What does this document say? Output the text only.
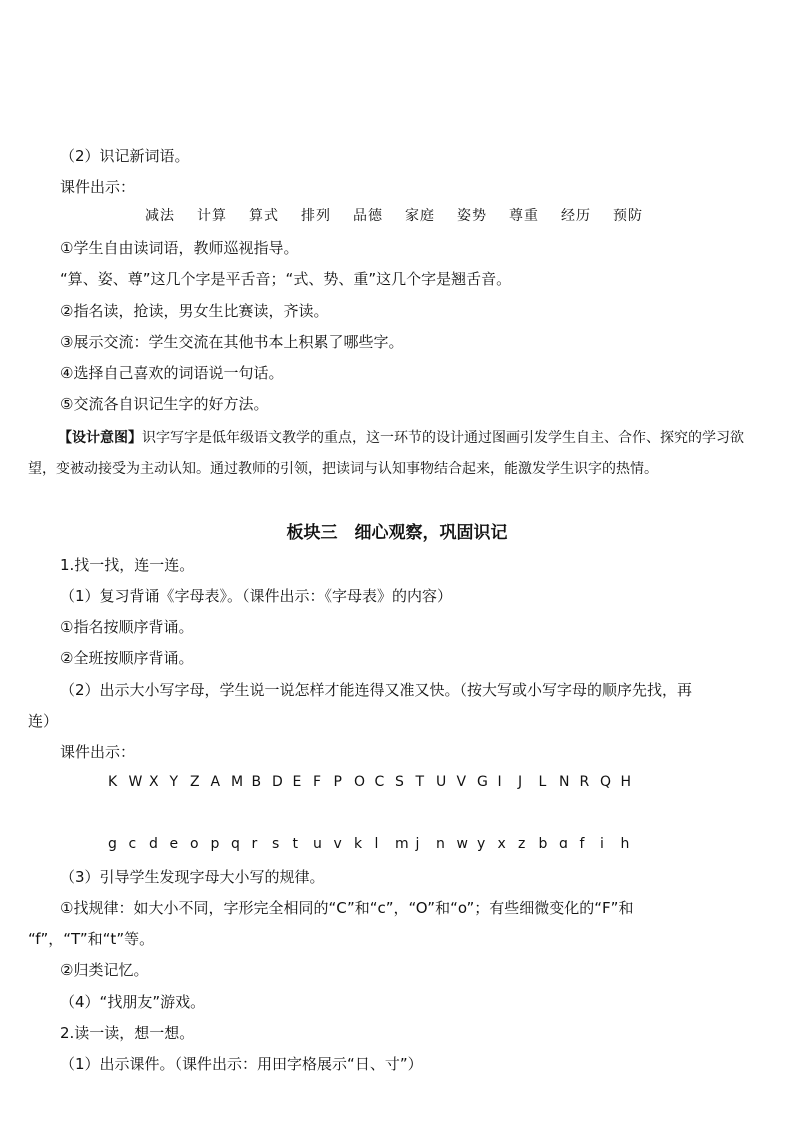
（2）识记新词语。
课件出示：
减法 计算 算式 排列 品德 家庭 姿势 尊重 经历 预防
①学生自由读词语，教师巡视指导。
“算、姿、尊”这几个字是平舌音；“式、势、重”这几个字是翘舌音。
②指名读，抢读，男女生比赛读，齐读。
③展示交流：学生交流在其他书本上积累了哪些字。
④选择自己喜欢的词语说一句话。
⑤交流各自识记生字的好方法。
【设计意图】识字写字是低年级语文教学的重点，这一环节的设计通过图画引发学生自主、合作、探究的学习欲望，变被动接受为主动认知。通过教师的引领，把读词与认知事物结合起来，能激发学生识字的热情。
板块三　细心观察，巩固识记
1.找一找，连一连。
（1）复习背诵《字母表》。（课件出示：《字母表》的内容）
①指名按顺序背诵。
②全班按顺序背诵。
（2）出示大小写字母，学生说一说怎样才能连得又准又快。（按大写或小写字母的顺序先找，再
连）
课件出示：
K W X Y Z A M B D E F P O C S T U V G I J L N R Q H
g c d e o p q r s t u v k l m j n w y x z b ɑ f i h
（3）引导学生发现字母大小写的规律。
①找规律：如大小不同，字形完全相同的“C”和“c”，“O”和“o”；有些细微变化的“F”和
“f”，“T”和“t”等。
②归类记忆。
（4）“找朋友”游戏。
2.读一读，想一想。
（1）出示课件。（课件出示：用田字格展示“日、寸”）
